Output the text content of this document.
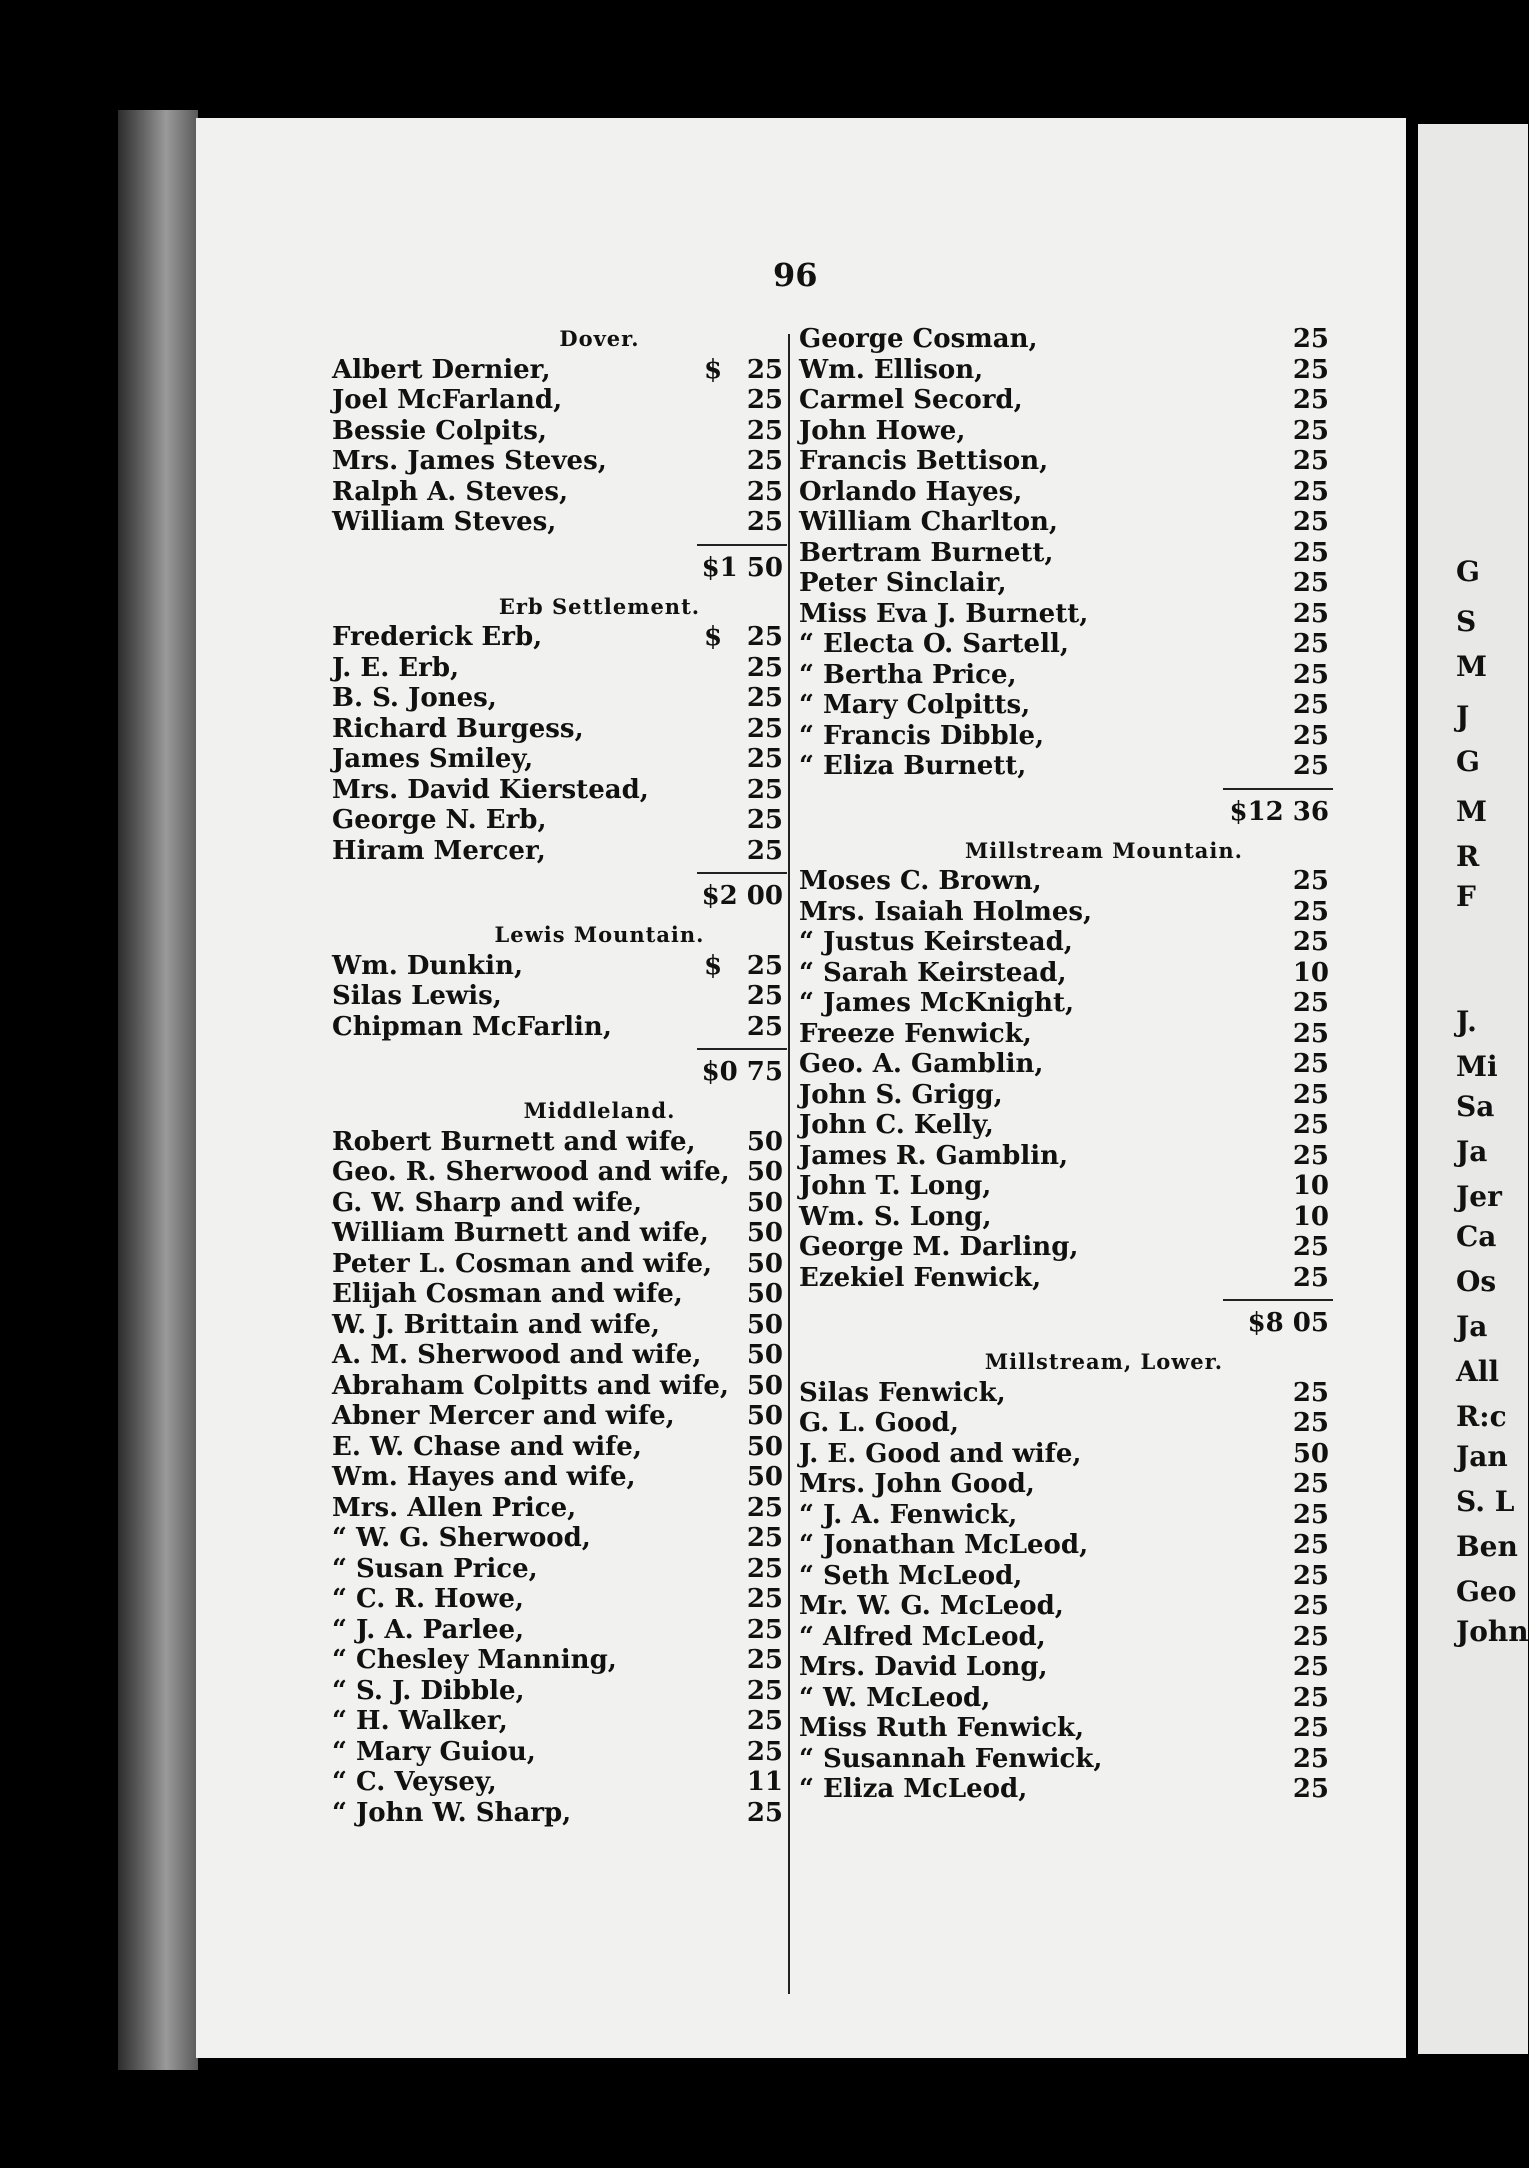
96
Dover.
Albert Dernier,	$ 25
Joel McFarland,	25
Bessie Colpits,	25
Mrs. James Steves,	25
Ralph A. Steves,	25
William Steves,	25
$1 50
Erb Settlement.
Frederick Erb,	$ 25
J. E. Erb,	25
B. S. Jones,	25
Richard Burgess,	25
James Smiley,	25
Mrs. David Kierstead,	25
George N. Erb,	25
Hiram Mercer,	25
$2 00
Lewis Mountain.
Wm. Dunkin,	$ 25
Silas Lewis,	25
Chipman McFarlin,	25
$0 75
Middleland.
Robert Burnett and wife, 50
Geo. R. Sherwood and wife, 50
G. W. Sharp and wife,	50
William Burnett and wife, 50
Peter L. Cosman and wife, 50
Elijah Cosman and wife, 50
W. J. Brittain and wife,	50
A. M. Sherwood and wife, 50
Abraham Colpitts and wife, 50
Abner Mercer and wife,	50
E. W. Chase and wife,	50
Wm. Hayes and wife,	50
Mrs. Allen Price,	25
“ W. G. Sherwood,	25
“ Susan Price,	25
“ C. R. Howe,	25
“ J. A. Parlee,	25
“ Chesley Manning,	25
“ S. J. Dibble,	25
“ H. Walker,	25
“ Mary Guiou,	25
“ C. Veysey,	11
“ John W. Sharp,	25
George Cosman,	25
Wm. Ellison,	25
Carmel Secord,	25
John Howe,	25
Francis Bettison,	25
Orlando Hayes,	25
William Charlton,	25
Bertram Burnett,	25
Peter Sinclair,	25
Miss Eva J. Burnett,	25
“ Electa O. Sartell,	25
“ Bertha Price,	25
“ Mary Colpitts,	25
“ Francis Dibble,	25
“ Eliza Burnett,	25
$12 36
Millstream Mountain.
Moses C. Brown,	25
Mrs. Isaiah Holmes,	25
“ Justus Keirstead,	25
“ Sarah Keirstead,	10
“ James McKnight,	25
Freeze Fenwick,	25
Geo. A. Gamblin,	25
John S. Grigg,	25
John C. Kelly,	25
James R. Gamblin,	25
John T. Long,	10
Wm. S. Long,	10
George M. Darling,	25
Ezekiel Fenwick,	25
$8 05
Millstream, Lower.
Silas Fenwick,	25
G. L. Good,	25
J. E. Good and wife,	50
Mrs. John Good,	25
“ J. A. Fenwick,	25
“ Jonathan McLeod,	25
“ Seth McLeod,	25
Mr. W. G. McLeod,	25
“ Alfred McLeod,	25
Mrs. David Long,	25
“ W. McLeod,	25
Miss Ruth Fenwick,	25
“ Susannah Fenwick,	25
“ Eliza McLeod,	25
G
S
M
J
G
M
R
F
J.
Mi
Sa
Ja
Jer
Ca
Os
Ja
All
R:c
Jan
S. L
Ben
Geo
John
